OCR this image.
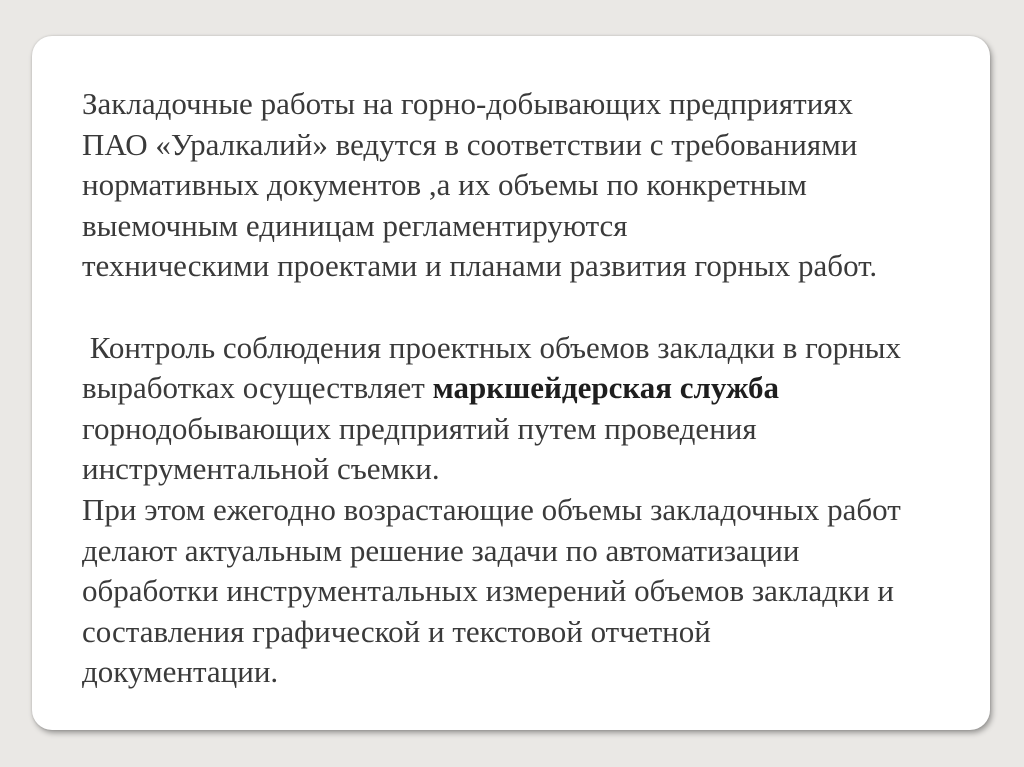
Закладочные работы на горно-добывающих предприятиях
ПАО «Уралкалий» ведутся в соответствии с требованиями
нормативных документов ,а их объемы по конкретным
выемочным единицам регламентируются
техническими проектами и планами развития горных работ.
Контроль соблюдения проектных объемов закладки в горных
выработках осуществляет маркшейдерская служба
горнодобывающих предприятий путем проведения
инструментальной съемки.
При этом ежегодно возрастающие объемы закладочных работ
делают актуальным решение задачи по автоматизации
обработки инструментальных измерений объемов закладки и
составления графической и текстовой отчетной
документации.
